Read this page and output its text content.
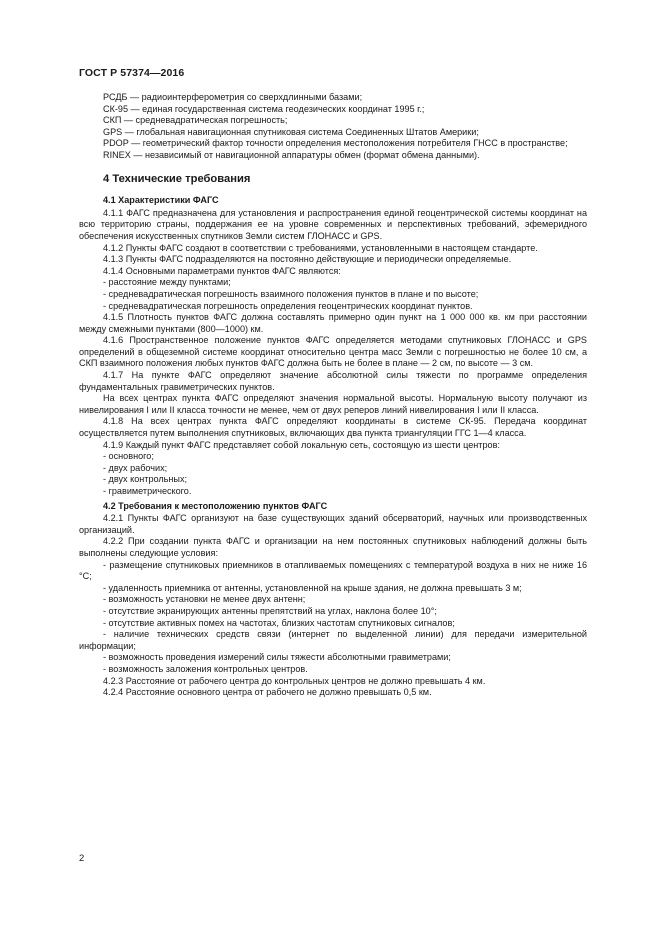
ГОСТ Р 57374—2016

РСДБ — радиоинтерферометрия со сверхдлинными базами;

СК-95 — единая государственная система геодезических координат 1995 г.;

СКП — средневадратическая погрешность;

GPS — глобальная навигационная спутниковая система Соединенных Штатов Америки;

PDOP — геометрический фактор точности определения местоположения потребителя ГНСС в пространстве;

RINEX — независимый от навигационной аппаратуры обмен (формат обмена данными).

4 Технические требования
4.1 Характеристики ФАГС

4.1.1 ФАГС предназначена для установления и распространения единой геоцентрической системы координат на всю территорию страны, поддержания ее на уровне современных и перспективных требований, эфемеридного обеспечения искусственных спутников Земли систем ГЛОНАСС и GPS.

4.1.2 Пункты ФАГС создают в соответствии с требованиями, установленными в настоящем стандарте.

4.1.3 Пункты ФАГС подразделяются на постоянно действующие и периодически определяемые.

4.1.4 Основными параметрами пунктов ФАГС являются:

- расстояние между пунктами;

- средневадратическая погрешность взаимного положения пунктов в плане и по высоте;

- средневадратическая погрешность определения геоцентрических координат пунктов.

4.1.5 Плотность пунктов ФАГС должна составлять примерно один пункт на 1 000 000 кв. км при расстоянии между смежными пунктами (800—1000) км.

4.1.6 Пространственное положение пунктов ФАГС определяется методами спутниковых ГЛОНАСС и GPS определений в общеземной системе координат относительно центра масс Земли с погрешностью не более 10 см, а СКП взаимного положения любых пунктов ФАГС должна быть не более в плане — 2 см, по высоте — 3 см.

4.1.7 На пункте ФАГС определяют значение абсолютной силы тяжести по программе определения фундаментальных гравиметрических пунктов.

На всех центрах пункта ФАГС определяют значения нормальной высоты. Нормальную высоту получают из нивелирования I или II класса точности не менее, чем от двух реперов линий нивелирования I или II класса.

4.1.8 На всех центрах пункта ФАГС определяют координаты в системе СК-95. Передача координат осуществляется путем выполнения спутниковых, включающих два пункта триангуляции ГГС 1—4 класса.

4.1.9 Каждый пункт ФАГС представляет собой локальную сеть, состоящую из шести центров:

- основного;

- двух рабочих;

- двух контрольных;

- гравиметрического.

4.2 Требования к местоположению пунктов ФАГС

4.2.1 Пункты ФАГС организуют на базе существующих зданий обсерваторий, научных или производственных организаций.

4.2.2 При создании пункта ФАГС и организации на нем постоянных спутниковых наблюдений должны быть выполнены следующие условия:

- размещение спутниковых приемников в отапливаемых помещениях с температурой воздуха в них не ниже 16 °С;

- удаленность приемника от антенны, установленной на крыше здания, не должна превышать 3 м;

- возможность установки не менее двух антенн;

- отсутствие экранирующих антенны препятствий на углах, наклона более 10°;

- отсутствие активных помех на частотах, близких частотам спутниковых сигналов;

- наличие технических средств связи (интернет по выделенной линии) для передачи измерительной информации;

- возможность проведения измерений силы тяжести абсолютными гравиметрами;

- возможность заложения контрольных центров.

4.2.3 Расстояние от рабочего центра до контрольных центров не должно превышать 4 км.

4.2.4 Расстояние основного центра от рабочего не должно превышать 0,5 км.

2
